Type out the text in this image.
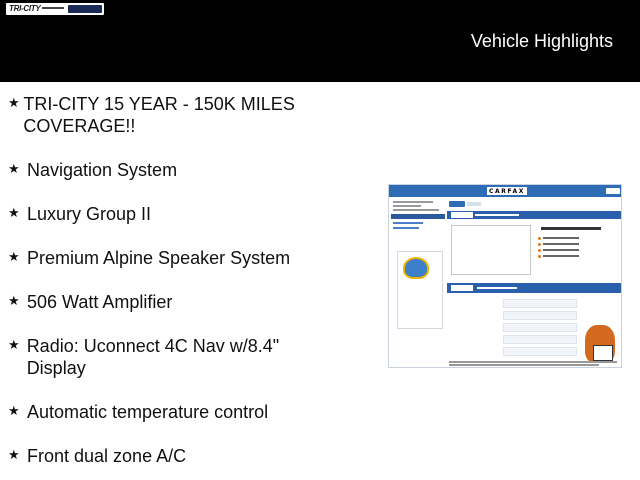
TRI-CITY
Vehicle Highlights
★ TRI-CITY 15 YEAR - 150K MILES COVERAGE!!
★ Navigation System
★ Luxury Group II
★ Premium Alpine Speaker System
★ 506 Watt Amplifier
★ Radio: Uconnect 4C Nav w/8.4" Display
★ Automatic temperature control
★ Front dual zone A/C
CARFAX
